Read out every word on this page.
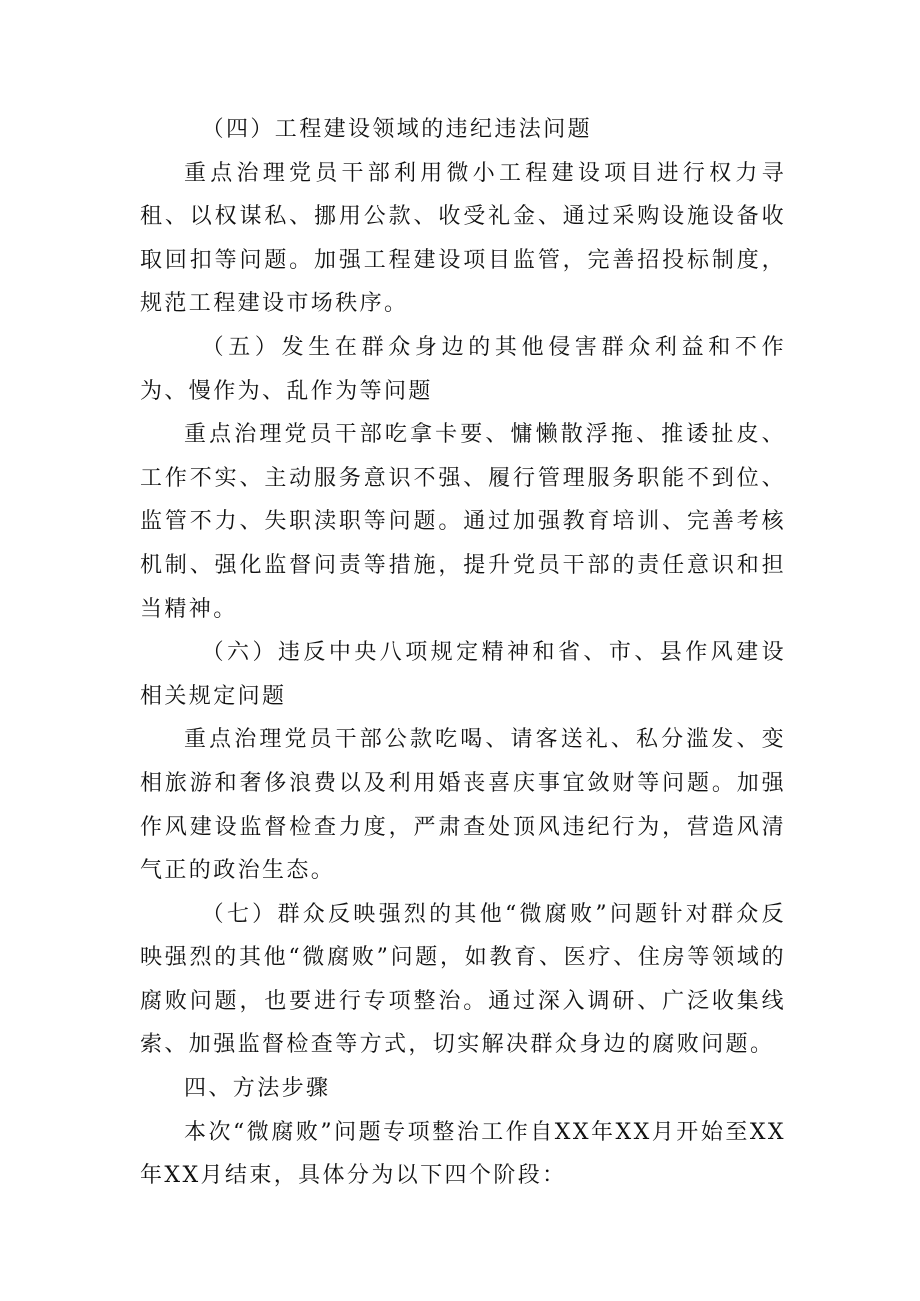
（四）工程建设领域的违纪违法问题

重点治理党员干部利用微小工程建设项目进行权力寻租、以权谋私、挪用公款、收受礼金、通过采购设施设备收取回扣等问题。加强工程建设项目监管，完善招投标制度，规范工程建设市场秩序。

（五）发生在群众身边的其他侵害群众利益和不作为、慢作为、乱作为等问题

重点治理党员干部吃拿卡要、慵懒散浮拖、推诿扯皮、工作不实、主动服务意识不强、履行管理服务职能不到位、监管不力、失职渎职等问题。通过加强教育培训、完善考核机制、强化监督问责等措施，提升党员干部的责任意识和担当精神。

（六）违反中央八项规定精神和省、市、县作风建设相关规定问题

重点治理党员干部公款吃喝、请客送礼、私分滥发、变相旅游和奢侈浪费以及利用婚丧喜庆事宜敛财等问题。加强作风建设监督检查力度，严肃查处顶风违纪行为，营造风清气正的政治生态。

（七）群众反映强烈的其他“微腐败”问题针对群众反映强烈的其他“微腐败”问题，如教育、医疗、住房等领域的腐败问题，也要进行专项整治。通过深入调研、广泛收集线索、加强监督检查等方式，切实解决群众身边的腐败问题。

四、方法步骤

本次“微腐败”问题专项整治工作自XX年XX月开始至XX年XX月结束，具体分为以下四个阶段：
